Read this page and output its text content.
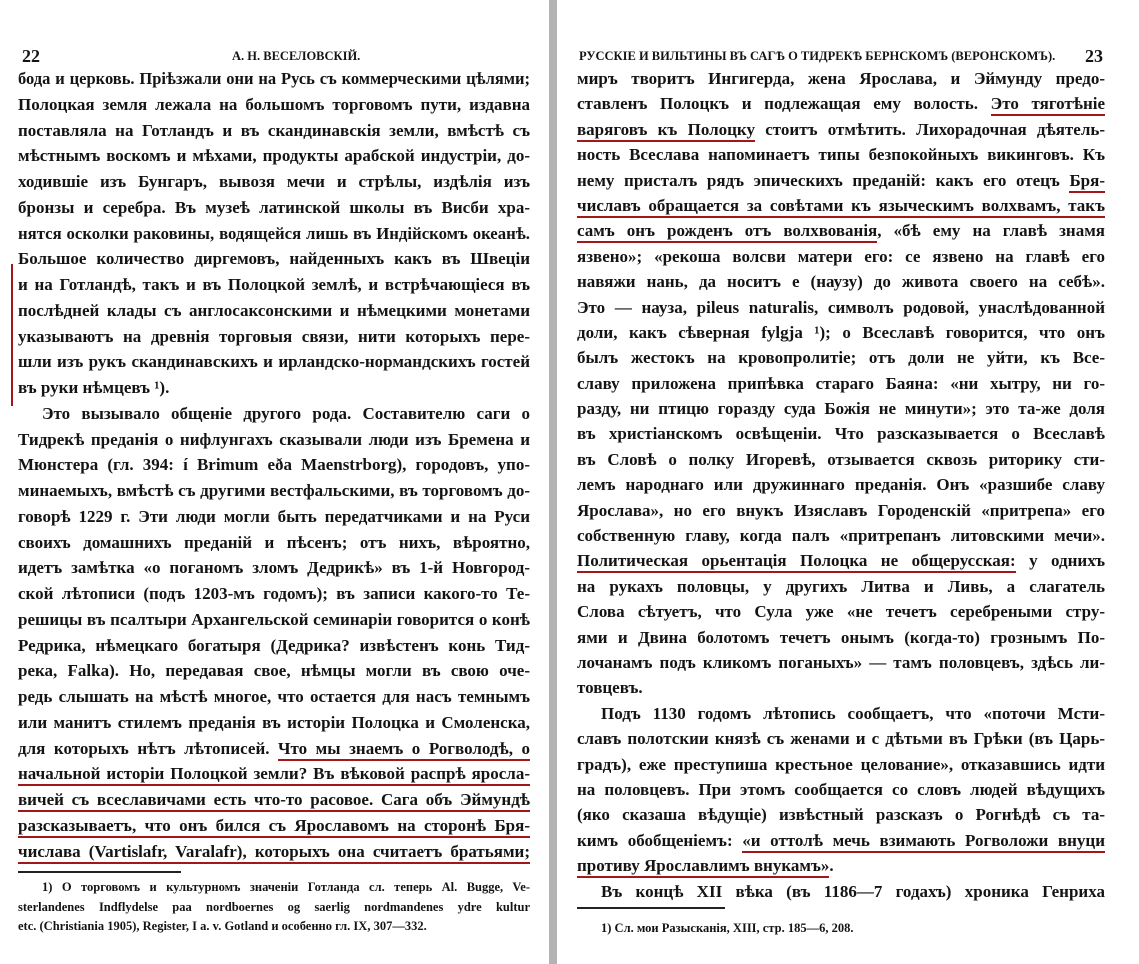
22	А. Н. ВЕСЕЛОВСКІЙ.
бода и церковь. Пріѣзжали они на Русь съ коммерческими цѣлями;
Полоцкая земля лежала на большомъ торговомъ пути, издавна
поставляла на Готландъ и въ скандинавскія земли, вмѣстѣ съ
мѣстнымъ воскомъ и мѣхами, продукты арабской индустріи, до-
ходившіе изъ Бунгаръ, вывозя мечи и стрѣлы, издѣлія изъ
бронзы и серебра. Въ музеѣ латинской школы въ Висби хра-
нятся осколки раковины, водящейся лишь въ Индійскомъ океанѣ.
Большое количество диргемовъ, найденныхъ какъ въ Швеціи
и на Готландѣ, такъ и въ Полоцкой землѣ, и встрѣчающіеся въ
послѣдней клады съ англосаксонскими и нѣмецкими монетами
указываютъ на древнія торговыя связи, нити которыхъ пере-
шли изъ рукъ скандинавскихъ и ирландско-нормандскихъ гостей
въ руки нѣмцевъ ¹).
Это вызывало общеніе другого рода. Составителю саги о
Тидрекѣ преданія о нифлунгахъ сказывали люди изъ Бремена и
Мюнстера (гл. 394: í Brimum eða Maenstrborg), городовъ, упо-
минаемыхъ, вмѣстѣ съ другими вестфальскими, въ торговомъ до-
говорѣ 1229 г. Эти люди могли быть передатчиками и на Руси
своихъ домашнихъ преданій и пѣсенъ; отъ нихъ, вѣроятно,
идетъ замѣтка «о поганомъ зломъ Дедрикѣ» въ 1-й Новгород-
ской лѣтописи (подъ 1203-мъ годомъ); въ записи какого-то Те-
решицы въ псалтыри Архангельской семинаріи говорится о конѣ
Редрика, нѣмецкаго богатыря (Дедрика? извѣстенъ конь Тид-
река, Falka). Но, передавая свое, нѣмцы могли въ свою оче-
редь слышать на мѣстѣ многое, что остается для насъ темнымъ
или манитъ стилемъ преданія въ исторіи Полоцка и Смоленска,
для которыхъ нѣтъ лѣтописей. Что мы знаемъ о Рогволодѣ, о
начальной исторіи Полоцкой земли? Въ вѣковой распрѣ яросла-
вичей съ всеславичами есть что-то расовое. Сага объ Эймундѣ
разсказываетъ, что онъ бился съ Ярославомъ на сторонѣ Бря-
числава (Vartislafr, Varalafr), которыхъ она считаетъ братьями;
1) О торговомъ и культурномъ значеніи Готланда сл. теперь Al. Bugge, Ve-
sterlandenes Indflydelse paa nordboernes og saerlig nordmandenes ydre kultur
etc. (Christiania 1905), Register, I a. v. Gotland и особенно гл. IX, 307—332.
РУССКІЕ И ВИЛЬТИНЫ ВЪ САГѢ О ТИДРЕКѢ БЕРНСКОМЪ (ВЕРОНСКОМЪ). 23
миръ творитъ Ингигерда, жена Ярослава, и Эймунду предо-
ставленъ Полоцкъ и подлежащая ему волость. Это тяготѣніе
варяговъ къ Полоцку стоитъ отмѣтить. Лихорадочная дѣятель-
ность Всеслава напоминаетъ типы безпокойныхъ викинговъ. Къ
нему присталъ рядъ эпическихъ преданій: какъ его отецъ Бря-
числавъ обращается за совѣтами къ языческимъ волхвамъ, такъ
самъ онъ рожденъ отъ волхвованія, «бѣ ему на главѣ знамя
язвено»; «рекоша волсви матери его: се язвено на главѣ его
навяжи нань, да носитъ е (наузу) до живота своего на себѣ».
Это — науза, pileus naturalis, символъ родовой, унаслѣдованной
доли, какъ сѣверная fylgja ¹); о Всеславѣ говорится, что онъ
былъ жестокъ на кровопролитіе; отъ доли не уйти, къ Все-
славу приложена припѣвка стараго Баяна: «ни хытру, ни го-
разду, ни птицю горазду суда Божія не минути»; это та-же доля
въ христіанскомъ освѣщеніи. Что разсказывается о Всеславѣ
въ Словѣ о полку Игоревѣ, отзывается сквозь риторику сти-
лемъ народнаго или дружиннаго преданія. Онъ «разшибе славу
Ярослава», но его внукъ Изяславъ Городенскій «притрепа» его
собственную главу, когда палъ «притрепанъ литовскими мечи».
Политическая орьентація Полоцка не общерусская: у однихъ
на рукахъ половцы, у другихъ Литва и Ливь, а слагатель
Слова сѣтуетъ, что Сула уже «не течетъ серебреными стру-
ями и Двина болотомъ течетъ онымъ (когда-то) грознымъ По-
лочанамъ подъ кликомъ поганыхъ» — тамъ половцевъ, здѣсь ли-
товцевъ.
Подъ 1130 годомъ лѣтопись сообщаетъ, что «поточи Мсти-
славъ полотскии князѣ съ женами и с дѣтьми въ Грѣки (въ Царь-
градъ), еже преступиша крестьное целование», отказавшись идти
на половцевъ. При этомъ сообщается со словъ людей вѣдущихъ
(яко сказаша вѣдущіе) извѣстный разсказъ о Рогнѣдѣ съ та-
кимъ обобщеніемъ: «и оттолѣ мечь взимають Рогволожи внуци
противу Ярославлимъ внукамъ».
Въ концѣ XII вѣка (въ 1186—7 годахъ) хроника Генриха
1) Сл. мои Разысканія, XIII, стр. 185—6, 208.
